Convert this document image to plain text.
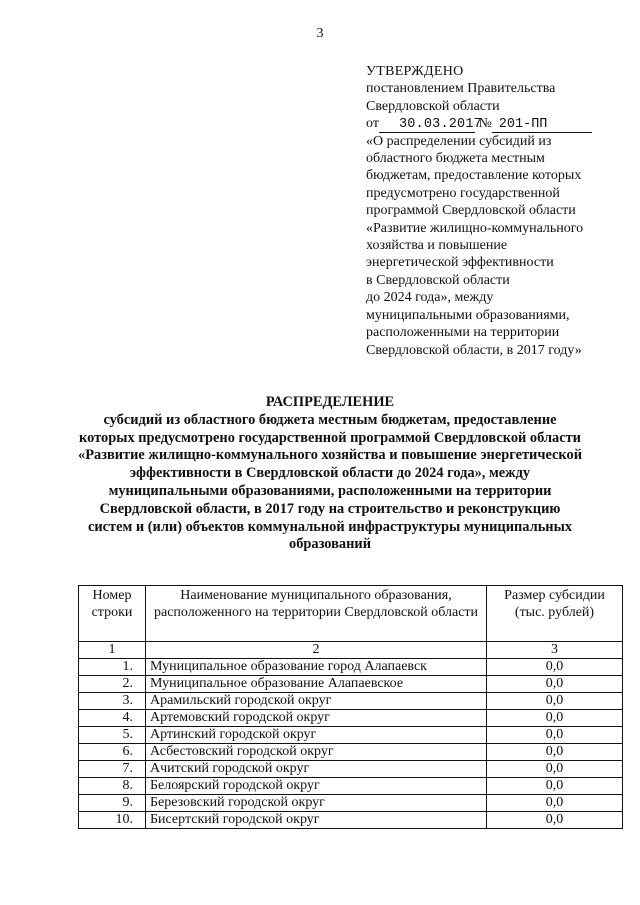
3
УТВЕРЖДЕНО
постановлением Правительства
Свердловской области
от 30.03.2017
№ 201-ПП
«О распределении субсидий из
областного бюджета местным
бюджетам, предоставление которых
предусмотрено государственной
программой Свердловской области
«Развитие жилищно-коммунального
хозяйства и повышение
энергетической эффективности
в Свердловской области
до 2024 года», между
муниципальными образованиями,
расположенными на территории
Свердловской области, в 2017 году»
РАСПРЕДЕЛЕНИЕ
субсидий из областного бюджета местным бюджетам, предоставление
которых предусмотрено государственной программой Свердловской области
«Развитие жилищно-коммунального хозяйства и повышение энергетической
эффективности в Свердловской области до 2024 года», между
муниципальными образованиями, расположенными на территории
Свердловской области, в 2017 году на строительство и реконструкцию
систем и (или) объектов коммунальной инфраструктуры муниципальных
образований
Номер строки	Наименование муниципального образования, расположенного на территории Свердловской области	Размер субсидии (тыс. рублей)
1	2	3
1.	Муниципальное образование город Алапаевск	0,0
2.	Муниципальное образование Алапаевское	0,0
3.	Арамильский городской округ	0,0
4.	Артемовский городской округ	0,0
5.	Артинский городской округ	0,0
6.	Асбестовский городской округ	0,0
7.	Ачитский городской округ	0,0
8.	Белоярский городской округ	0,0
9.	Березовский городской округ	0,0
10.	Бисертский городской округ	0,0
